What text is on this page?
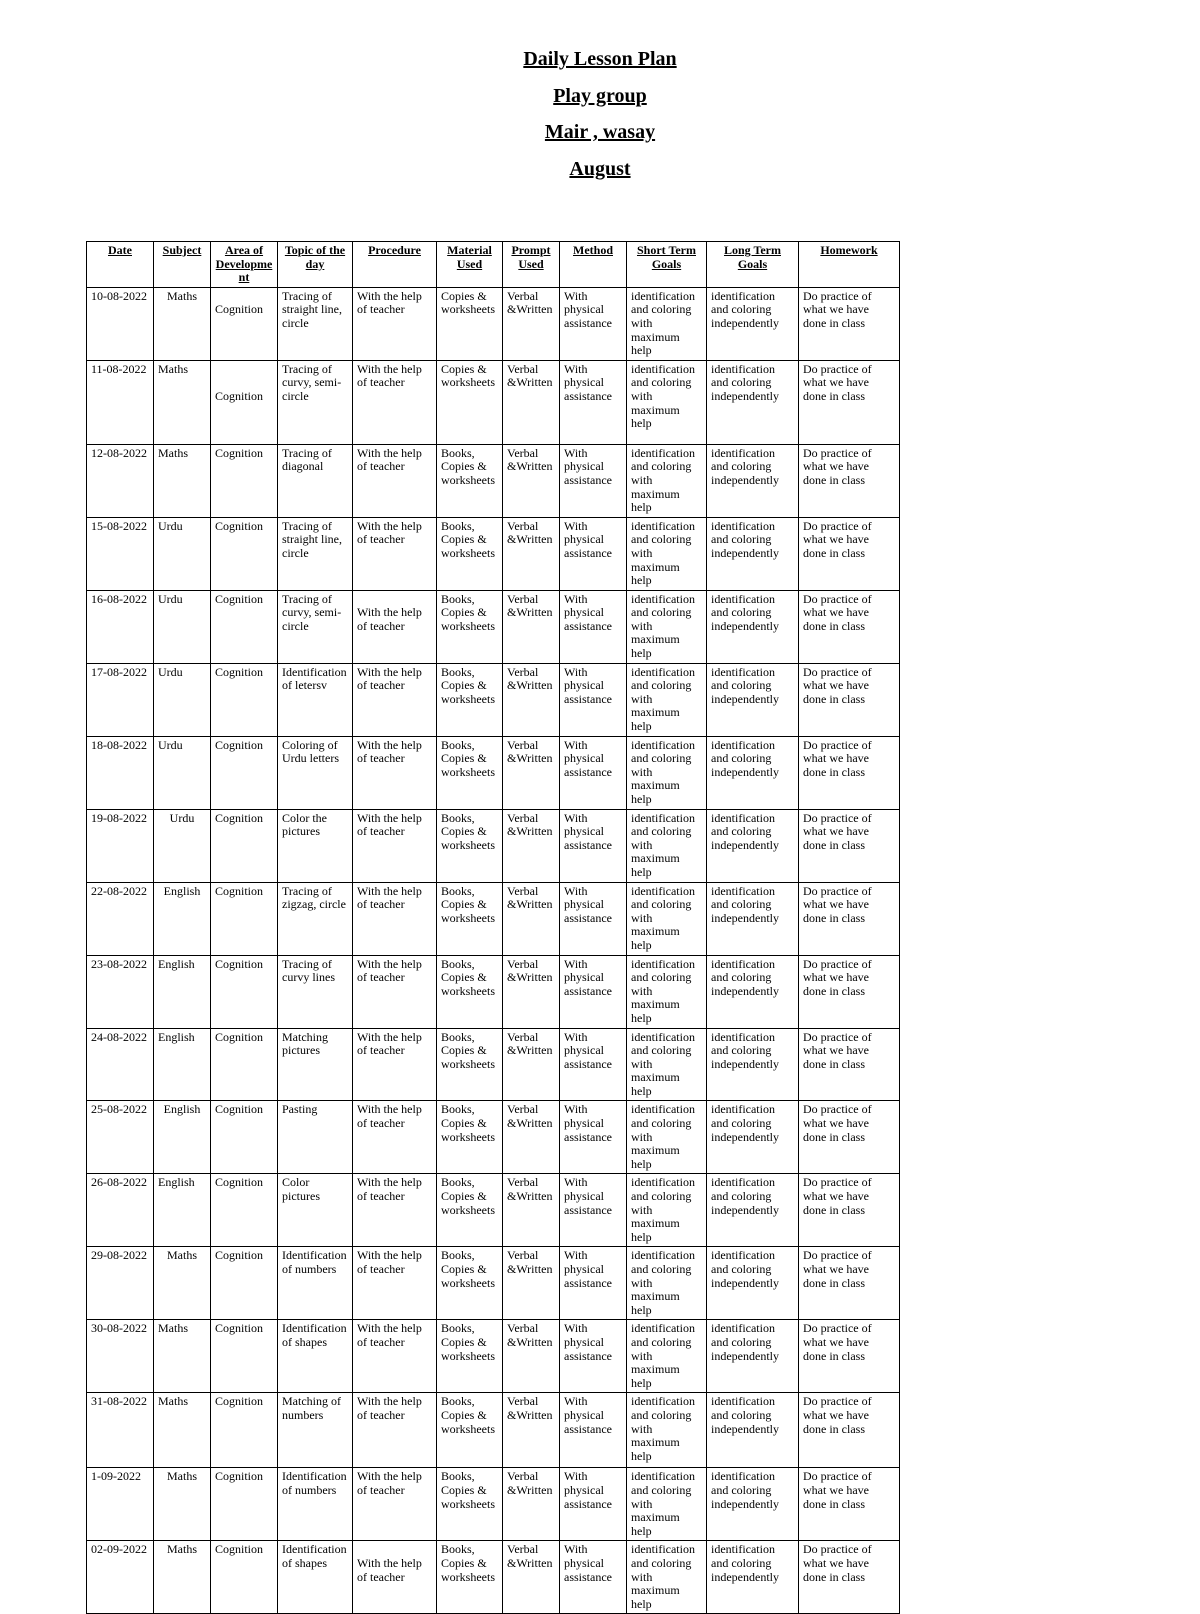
Daily Lesson Plan
Play group
Mair , wasay
August
Date	Subject	Area of Developme nt	Topic of the day	Procedure	Material Used	Prompt Used	Method	Short Term Goals	Long Term Goals	Homework
10-08-2022	Maths	Cognition	Tracing of straight line, circle	With the help of teacher	Copies & worksheets	Verbal &Written	With physical assistance	identification and coloring with maximum help	identification and coloring independently	Do practice of what we have done in class
11-08-2022	Maths	Cognition	Tracing of curvy, semi-circle	With the help of teacher	Copies & worksheets	Verbal &Written	With physical assistance	identification and coloring with maximum help	identification and coloring independently	Do practice of what we have done in class
12-08-2022	Maths	Cognition	Tracing of diagonal	With the help of teacher	Books, Copies & worksheets	Verbal &Written	With physical assistance	identification and coloring with maximum help	identification and coloring independently	Do practice of what we have done in class
15-08-2022	Urdu	Cognition	Tracing of straight line, circle	With the help of teacher	Books, Copies & worksheets	Verbal &Written	With physical assistance	identification and coloring with maximum help	identification and coloring independently	Do practice of what we have done in class
16-08-2022	Urdu	Cognition	Tracing of curvy, semi-circle	With the help of teacher	Books, Copies & worksheets	Verbal &Written	With physical assistance	identification and coloring with maximum help	identification and coloring independently	Do practice of what we have done in class
17-08-2022	Urdu	Cognition	Identification of letersv	With the help of teacher	Books, Copies & worksheets	Verbal &Written	With physical assistance	identification and coloring with maximum help	identification and coloring independently	Do practice of what we have done in class
18-08-2022	Urdu	Cognition	Coloring of Urdu letters	With the help of teacher	Books, Copies & worksheets	Verbal &Written	With physical assistance	identification and coloring with maximum help	identification and coloring independently	Do practice of what we have done in class
19-08-2022	Urdu	Cognition	Color the pictures	With the help of teacher	Books, Copies & worksheets	Verbal &Written	With physical assistance	identification and coloring with maximum help	identification and coloring independently	Do practice of what we have done in class
22-08-2022	English	Cognition	Tracing of zigzag, circle	With the help of teacher	Books, Copies & worksheets	Verbal &Written	With physical assistance	identification and coloring with maximum help	identification and coloring independently	Do practice of what we have done in class
23-08-2022	English	Cognition	Tracing of curvy lines	With the help of teacher	Books, Copies & worksheets	Verbal &Written	With physical assistance	identification and coloring with maximum help	identification and coloring independently	Do practice of what we have done in class
24-08-2022	English	Cognition	Matching pictures	With the help of teacher	Books, Copies & worksheets	Verbal &Written	With physical assistance	identification and coloring with maximum help	identification and coloring independently	Do practice of what we have done in class
25-08-2022	English	Cognition	Pasting	With the help of teacher	Books, Copies & worksheets	Verbal &Written	With physical assistance	identification and coloring with maximum help	identification and coloring independently	Do practice of what we have done in class
26-08-2022	English	Cognition	Color pictures	With the help of teacher	Books, Copies & worksheets	Verbal &Written	With physical assistance	identification and coloring with maximum help	identification and coloring independently	Do practice of what we have done in class
29-08-2022	Maths	Cognition	Identification of numbers	With the help of teacher	Books, Copies & worksheets	Verbal &Written	With physical assistance	identification and coloring with maximum help	identification and coloring independently	Do practice of what we have done in class
30-08-2022	Maths	Cognition	Identification of shapes	With the help of teacher	Books, Copies & worksheets	Verbal &Written	With physical assistance	identification and coloring with maximum help	identification and coloring independently	Do practice of what we have done in class
31-08-2022	Maths	Cognition	Matching of numbers	With the help of teacher	Books, Copies & worksheets	Verbal &Written	With physical assistance	identification and coloring with maximum help	identification and coloring independently	Do practice of what we have done in class
1-09-2022	Maths	Cognition	Identification of numbers	With the help of teacher	Books, Copies & worksheets	Verbal &Written	With physical assistance	identification and coloring with maximum help	identification and coloring independently	Do practice of what we have done in class
02-09-2022	Maths	Cognition	Identification of shapes	With the help of teacher	Books, Copies & worksheets	Verbal &Written	With physical assistance	identification and coloring with maximum help	identification and coloring independently	Do practice of what we have done in class
